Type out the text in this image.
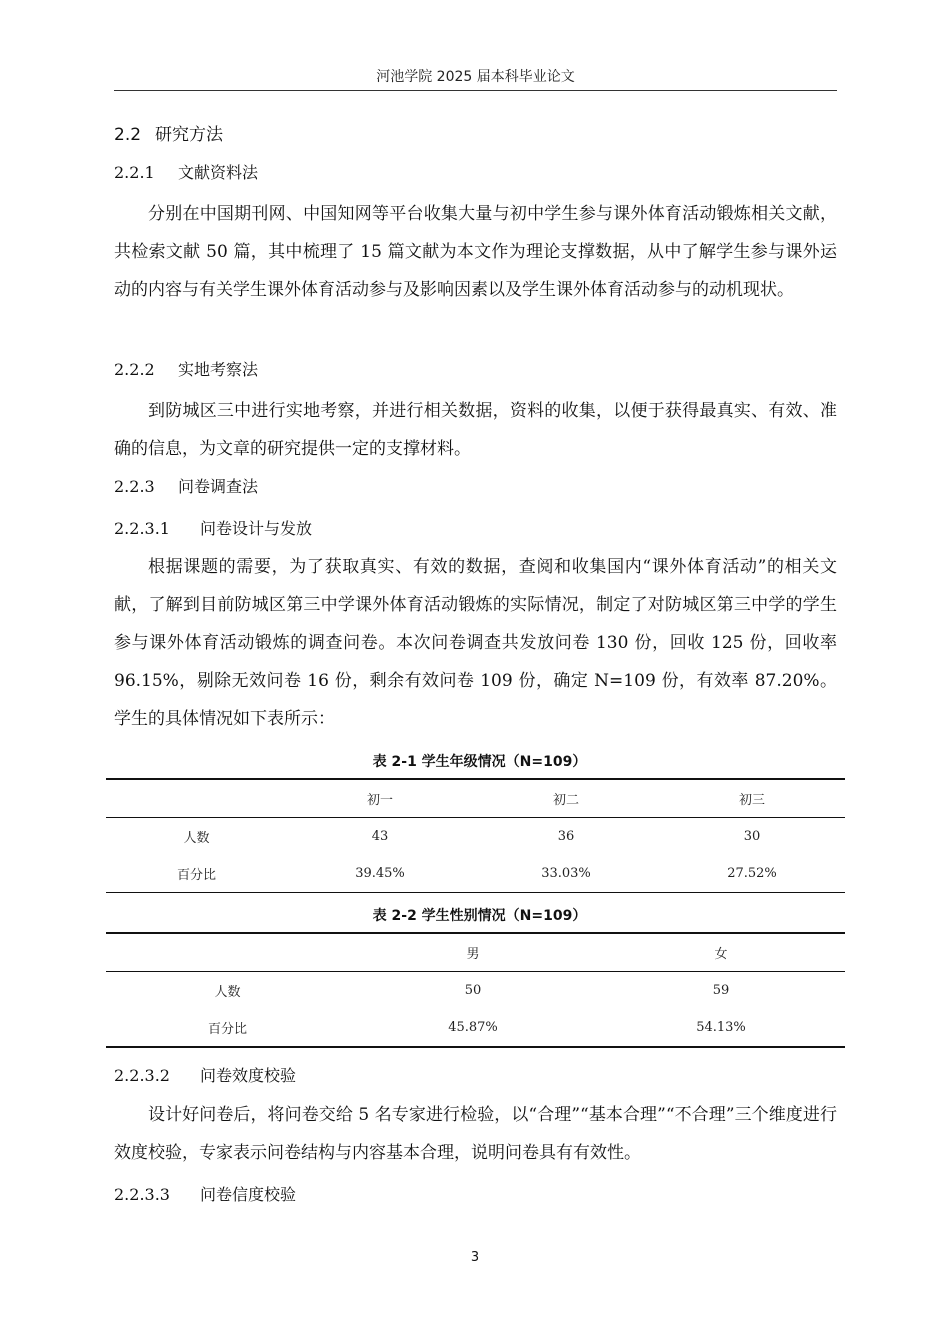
河池学院 2025 届本科毕业论文
2.2 研究方法
2.2.1 文献资料法

分别在中国期刊网、中国知网等平台收集大量与初中学生参与课外体育活动锻炼相关文献，共检索文献 50 篇，其中梳理了 15 篇文献为本文作为理论支撑数据，从中了解学生参与课外运动的内容与有关学生课外体育活动参与及影响因素以及学生课外体育活动参与的动机现状。

2.2.2 实地考察法

到防城区三中进行实地考察，并进行相关数据，资料的收集，以便于获得最真实、有效、准确的信息，为文章的研究提供一定的支撑材料。

2.2.3 问卷调查法
2.2.3.1 问卷设计与发放

根据课题的需要，为了获取真实、有效的数据，查阅和收集国内“课外体育活动”的相关文献，了解到目前防城区第三中学课外体育活动锻炼的实际情况，制定了对防城区第三中学的学生参与课外体育活动锻炼的调查问卷。本次问卷调查共发放问卷 130 份，回收 125 份，回收率 96.15%，剔除无效问卷 16 份，剩余有效问卷 109 份，确定 N=109 份，有效率 87.20%。学生的具体情况如下表所示：

表 2-1 学生年级情况（N=109）
	初一	初二	初三
人数	43	36	30
百分比	39.45%	33.03%	27.52%
表 2-2 学生性别情况（N=109）
	男	女
人数	50	59
百分比	45.87%	54.13%
2.2.3.2 问卷效度校验

设计好问卷后，将问卷交给 5 名专家进行检验，以“合理”“基本合理”“不合理”三个维度进行效度校验，专家表示问卷结构与内容基本合理，说明问卷具有有效性。

2.2.3.3 问卷信度校验
3
